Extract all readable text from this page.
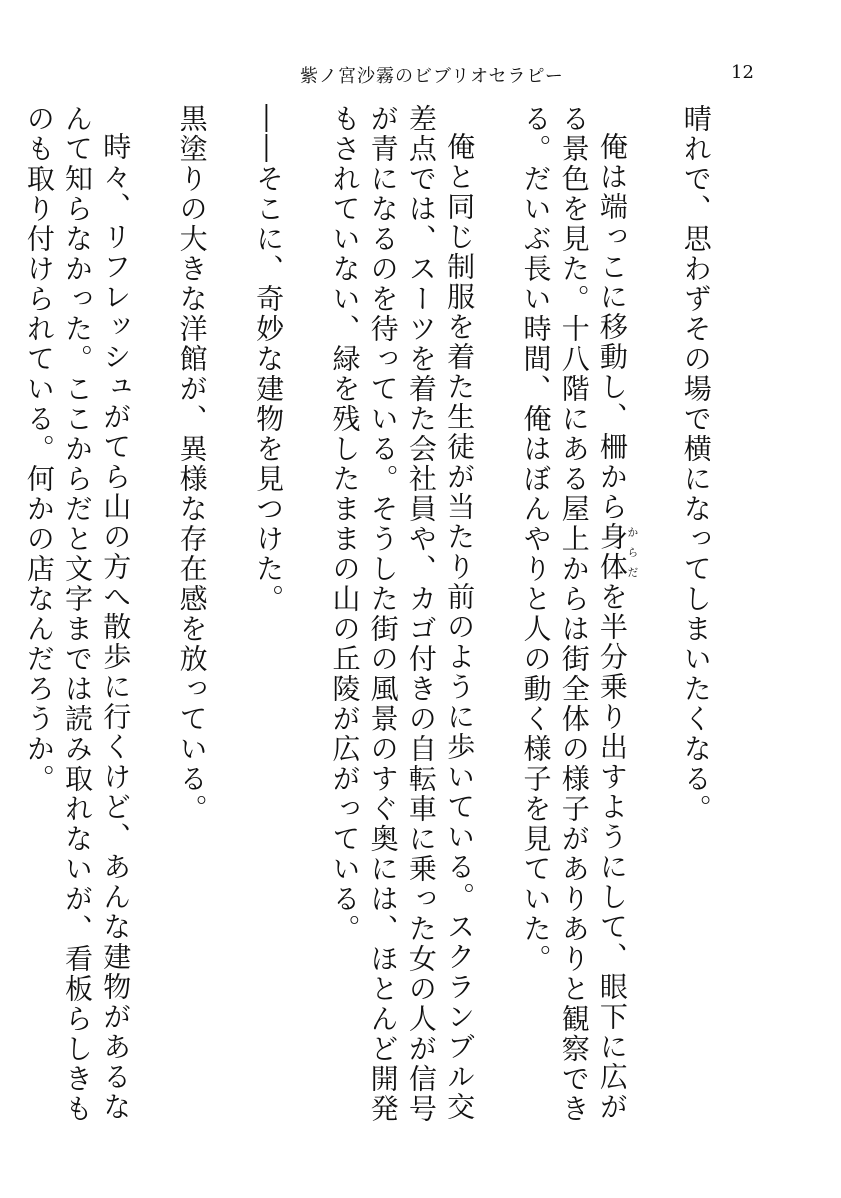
紫ノ宮沙霧のビブリオセラピー	12

晴れで、思わずその場で横になってしまいたくなる。

俺は端っこに移動し、柵から身体からだを半分乗り出すようにして、眼下に広がる景色を見た。十八階にある屋上からは街全体の様子がありありと観察できる。だいぶ長い時間、俺はぼんやりと人の動く様子を見ていた。

俺と同じ制服を着た生徒が当たり前のように歩いている。スクランブル交差点では、スーツを着た会社員や、カゴ付きの自転車に乗った女の人が信号が青になるのを待っている。そうした街の風景のすぐ奥には、ほとんど開発もされていない、緑を残したままの山の丘陵が広がっている。

――そこに、奇妙な建物を見つけた。

黒塗りの大きな洋館が、異様な存在感を放っている。

時々、リフレッシュがてら山の方へ散歩に行くけど、あんな建物があるなんて知らなかった。ここからだと文字までは読み取れないが、看板らしきものも取り付けられている。何かの店なんだろうか。
